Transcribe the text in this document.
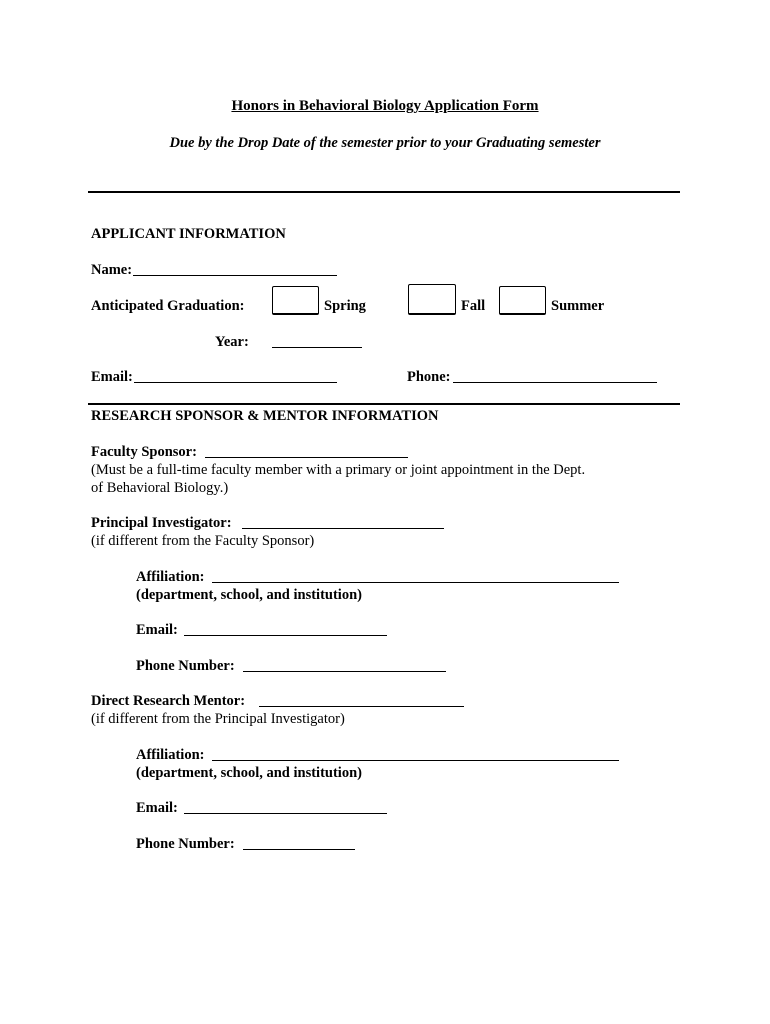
Honors in Behavioral Biology Application Form
Due by the Drop Date of the semester prior to your Graduating semester
APPLICANT INFORMATION
Name:
Anticipated Graduation:	Spring	Fall	Summer
Year:
Email:	Phone:
RESEARCH SPONSOR & MENTOR INFORMATION
Faculty Sponsor:
(Must be a full-time faculty member with a primary or joint appointment in the Dept.
of Behavioral Biology.)
Principal Investigator:
(if different from the Faculty Sponsor)
Affiliation:
(department, school, and institution)
Email:
Phone Number:
Direct Research Mentor:
(if different from the Principal Investigator)
Affiliation:
(department, school, and institution)
Email:
Phone Number:
